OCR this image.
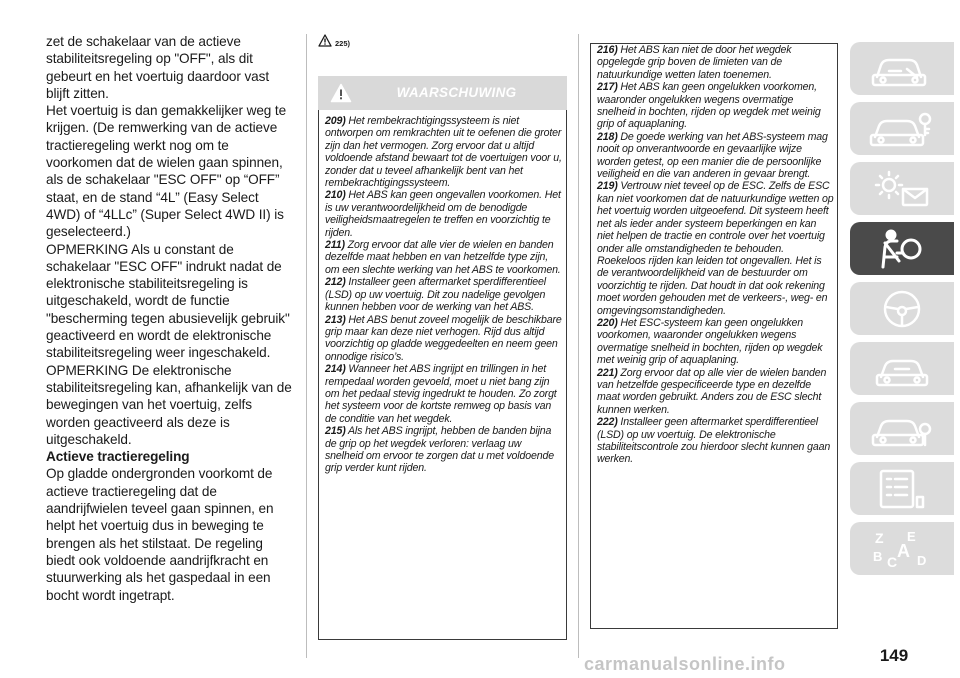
zet de schakelaar van de actieve stabiliteitsregeling op "OFF", als dit gebeurt en het voertuig daardoor vast blijft zitten.

Het voertuig is dan gemakkelijker weg te krijgen. (De remwerking van de actieve tractieregeling werkt nog om te voorkomen dat de wielen gaan spinnen, als de schakelaar "ESC OFF" op “OFF” staat, en de stand “4L” (Easy Select 4WD) of “4LLc” (Super Select 4WD II) is geselecteerd.)

OPMERKING Als u constant de schakelaar "ESC OFF" indrukt nadat de elektronische stabiliteitsregeling is uitgeschakeld, wordt de functie "bescherming tegen abusievelijk gebruik" geactiveerd en wordt de elektronische stabiliteitsregeling weer ingeschakeld.

OPMERKING De elektronische stabiliteitsregeling kan, afhankelijk van de bewegingen van het voertuig, zelfs worden geactiveerd als deze is uitgeschakeld.

Actieve tractieregeling

Op gladde ondergronden voorkomt de actieve tractieregeling dat de aandrijfwielen teveel gaan spinnen, en helpt het voertuig dus in beweging te brengen als het stilstaat. De regeling biedt ook voldoende aandrijfkracht en stuurwerking als het gaspedaal in een bocht wordt ingetrapt.

225)
WAARSCHUWING

209) Het rembekrachtigingssysteem is niet ontworpen om remkrachten uit te oefenen die groter zijn dan het vermogen. Zorg ervoor dat u altijd voldoende afstand bewaart tot de voertuigen voor u, zonder dat u teveel afhankelijk bent van het rembekrachtigingssysteem.

210) Het ABS kan geen ongevallen voorkomen. Het is uw verantwoordelijkheid om de benodigde veiligheidsmaatregelen te treffen en voorzichtig te rijden.

211) Zorg ervoor dat alle vier de wielen en banden dezelfde maat hebben en van hetzelfde type zijn, om een slechte werking van het ABS te voorkomen.

212) Installeer geen aftermarket sperdifferentieel (LSD) op uw voertuig. Dit zou nadelige gevolgen kunnen hebben voor de werking van het ABS.

213) Het ABS benut zoveel mogelijk de beschikbare grip maar kan deze niet verhogen. Rijd dus altijd voorzichtig op gladde weggedeelten en neem geen onnodige risico’s.

214) Wanneer het ABS ingrijpt en trillingen in het rempedaal worden gevoeld, moet u niet bang zijn om het pedaal stevig ingedrukt te houden. Zo zorgt het systeem voor de kortste remweg op basis van de conditie van het wegdek.

215) Als het ABS ingrijpt, hebben de banden bijna de grip op het wegdek verloren: verlaag uw snelheid om ervoor te zorgen dat u met voldoende grip verder kunt rijden.

216) Het ABS kan niet de door het wegdek opgelegde grip boven de limieten van de natuurkundige wetten laten toenemen.

217) Het ABS kan geen ongelukken voorkomen, waaronder ongelukken wegens overmatige snelheid in bochten, rijden op wegdek met weinig grip of aquaplaning.

218) De goede werking van het ABS-systeem mag nooit op onverantwoorde en gevaarlijke wijze worden getest, op een manier die de persoonlijke veiligheid en die van anderen in gevaar brengt.

219) Vertrouw niet teveel op de ESC. Zelfs de ESC kan niet voorkomen dat de natuurkundige wetten op het voertuig worden uitgeoefend. Dit systeem heeft net als ieder ander systeem beperkingen en kan niet helpen de tractie en controle over het voertuig onder alle omstandigheden te behouden. Roekeloos rijden kan leiden tot ongevallen. Het is de verantwoordelijkheid van de bestuurder om voorzichtig te rijden. Dat houdt in dat ook rekening moet worden gehouden met de verkeers-, weg- en omgevingsomstandigheden.

220) Het ESC-systeem kan geen ongelukken voorkomen, waaronder ongelukken wegens overmatige snelheid in bochten, rijden op wegdek met weinig grip of aquaplaning.

221) Zorg ervoor dat op alle vier de wielen banden van hetzelfde gespecificeerde type en dezelfde maat worden gebruikt. Anders zou de ESC slecht kunnen werken.

222) Installeer geen aftermarket sperdifferentieel (LSD) op uw voertuig. De elektronische stabiliteitscontrole zou hierdoor slecht kunnen gaan werken.

Z E
B C
A D
carmanualsonline.info	149
